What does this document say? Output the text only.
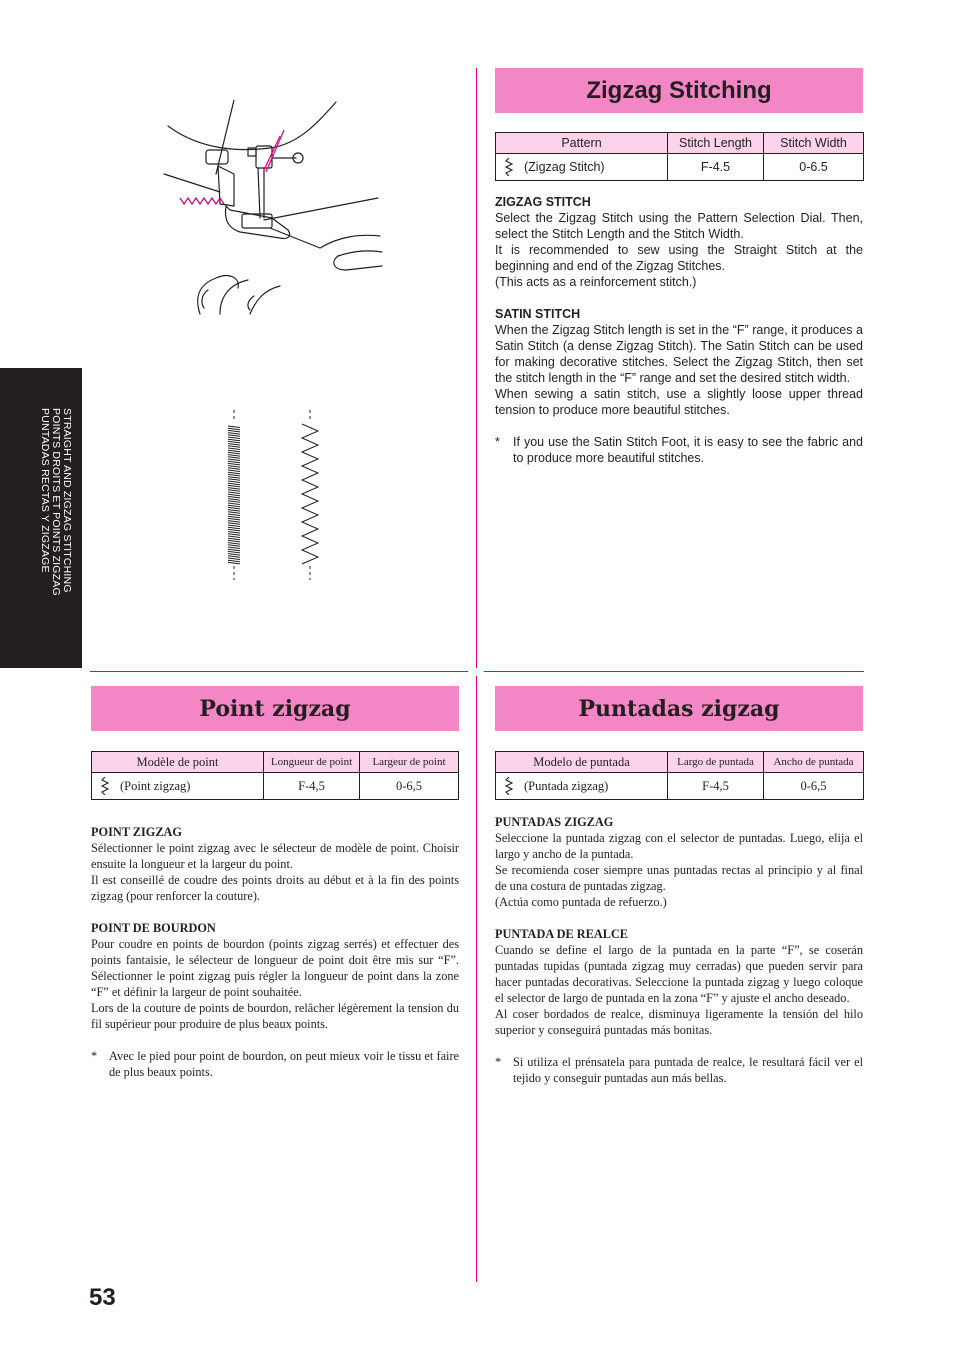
STRAIGHT AND ZIGZAG STITCHING
POINTS DROITS ET POINTS ZIGZAG
PUNTADAS RECTAS Y ZIGZAGE
Zigzag Stitching
Pattern	Stitch Length	Stitch Width

(Zigzag Stitch)	F-4.5	0-6.5
ZIGZAG STITCH

Select the Zigzag Stitch using the Pattern Selection Dial. Then, select the Stitch Length and the Stitch Width.

It is recommended to sew using the Straight Stitch at the beginning and end of the Zigzag Stitches.

(This acts as a reinforcement stitch.)

SATIN STITCH

When the Zigzag Stitch length is set in the “F” range, it produces a Satin Stitch (a dense Zigzag Stitch). The Satin Stitch can be used for making decorative stitches. Select the Zigzag Stitch, then set the stitch length in the “F” range and set the desired stitch width.

When sewing a satin stitch, use a slightly loose upper thread tension to produce more beautiful stitches.

*	If you use the Satin Stitch Foot, it is easy to see the fabric and to produce more beautiful stitches.
Point zigzag
Modèle de point	Longueur de point	Largeur de point

(Point zigzag)	F-4,5	0-6,5
POINT ZIGZAG

Sélectionner le point zigzag avec le sélecteur de modèle de point. Choisir ensuite la longueur et la largeur du point.

Il est conseillé de coudre des points droits au début et à la fin des points zigzag (pour renforcer la couture).

POINT DE BOURDON

Pour coudre en points de bourdon (points zigzag serrés) et effectuer des points fantaisie, le sélecteur de longueur de point doit être mis sur “F”. Sélectionner le point zigzag puis régler la longueur de point dans la zone “F” et définir la largeur de point souhaitée.

Lors de la couture de points de bourdon, relâcher légèrement la tension du fil supérieur pour produire de plus beaux points.

* Avec le pied pour point de bourdon, on peut mieux voir le tissu et faire de plus beaux points.
Puntadas zigzag
Modelo de puntada	Largo de puntada	Ancho de puntada

(Puntada zigzag)	F-4,5	0-6,5
PUNTADAS ZIGZAG

Seleccione la puntada zigzag con el selector de puntadas. Luego, elija el largo y ancho de la puntada.

Se recomienda coser siempre unas puntadas rectas al principio y al final de una costura de puntadas zigzag.

(Actúa como puntada de refuerzo.)

PUNTADA DE REALCE

Cuando se define el largo de la puntada en la parte “F”, se coserán puntadas tupidas (puntada zigzag muy cerradas) que pueden servir para hacer puntadas decorativas. Seleccione la puntada zigzag y luego coloque el selector de largo de puntada en la zona “F” y ajuste el ancho deseado.

Al coser bordados de realce, disminuya ligeramente la tensión del hilo superior y conseguirá puntadas más bonitas.

* Si utiliza el prénsatela para puntada de realce, le resultará fácil ver el tejido y conseguir puntadas aun más bellas.
53
